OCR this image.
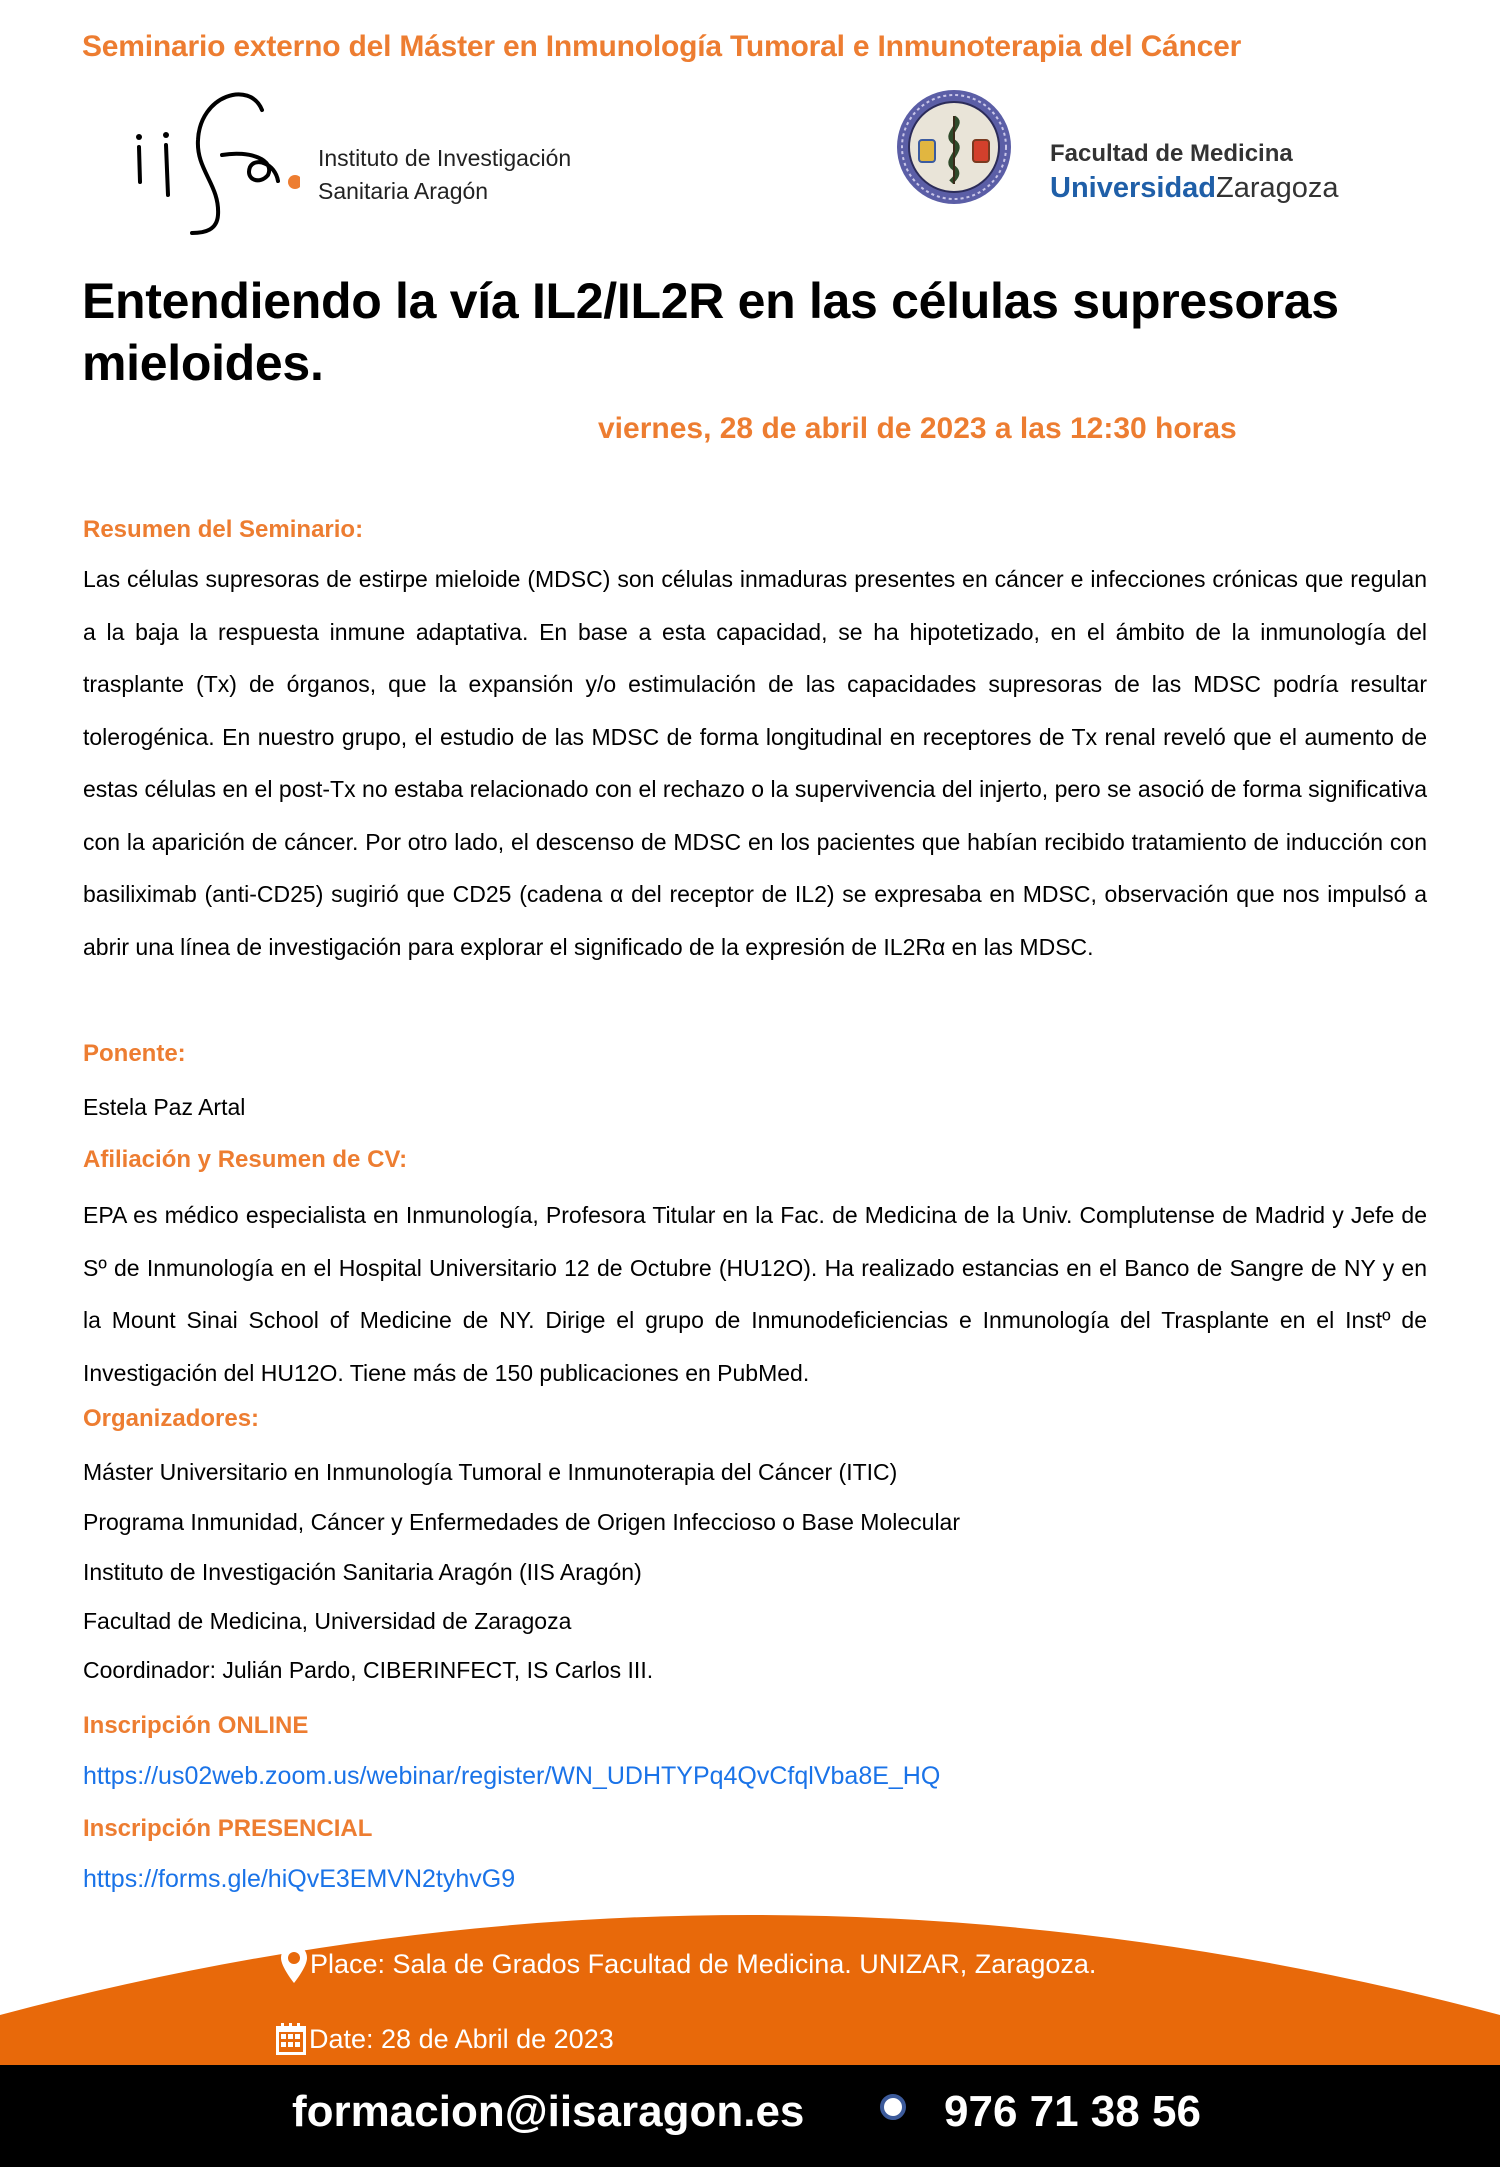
Seminario externo del Máster en Inmunología Tumoral e Inmunoterapia del Cáncer
Instituto de Investigación
Sanitaria Aragón
Facultad de Medicina
UniversidadZaragoza
Entendiendo la vía IL2/IL2R en las células supresoras mieloides.
viernes, 28 de abril de 2023 a las 12:30 horas
Resumen del Seminario:
Las células supresoras de estirpe mieloide (MDSC) son células inmaduras presentes en cáncer e infecciones crónicas que regulan a la baja la respuesta inmune adaptativa. En base a esta capacidad, se ha hipotetizado, en el ámbito de la inmunología del trasplante (Tx) de órganos, que la expansión y/o estimulación de las capacidades supresoras de las MDSC podría resultar tolerogénica. En nuestro grupo, el estudio de las MDSC de forma longitudinal en receptores de Tx renal reveló que el aumento de estas células en el post-Tx no estaba relacionado con el rechazo o la supervivencia del injerto, pero se asoció de forma significativa con la aparición de cáncer. Por otro lado, el descenso de MDSC en los pacientes que habían recibido tratamiento de inducción con basiliximab (anti-CD25) sugirió que CD25 (cadena α del receptor de IL2) se expresaba en MDSC, observación que nos impulsó a abrir una línea de investigación para explorar el significado de la expresión de IL2Rα en las MDSC.
Ponente:
Estela Paz Artal
Afiliación y Resumen de CV:
EPA es médico especialista en Inmunología, Profesora Titular en la Fac. de Medicina de la Univ. Complutense de Madrid y Jefe de Sº de Inmunología en el Hospital Universitario 12 de Octubre (HU12O). Ha realizado estancias en el Banco de Sangre de NY y en la Mount Sinai School of Medicine de NY. Dirige el grupo de Inmunodeficiencias e Inmunología del Trasplante en el Instº de Investigación del HU12O. Tiene más de 150 publicaciones en PubMed.
Organizadores:
Máster Universitario en Inmunología Tumoral e Inmunoterapia del Cáncer (ITIC)
Programa Inmunidad, Cáncer y Enfermedades de Origen Infeccioso o Base Molecular
Instituto de Investigación Sanitaria Aragón (IIS Aragón)
Facultad de Medicina, Universidad de Zaragoza
Coordinador: Julián Pardo, CIBERINFECT, IS Carlos III.
Inscripción ONLINE
https://us02web.zoom.us/webinar/register/WN_UDHTYPq4QvCfqlVba8E_HQ
Inscripción PRESENCIAL
https://forms.gle/hiQvE3EMVN2tyhvG9
Place: Sala de Grados Facultad de Medicina. UNIZAR, Zaragoza.
Date: 28 de Abril de 2023
formacion@iisaragon.es	976 71 38 56
